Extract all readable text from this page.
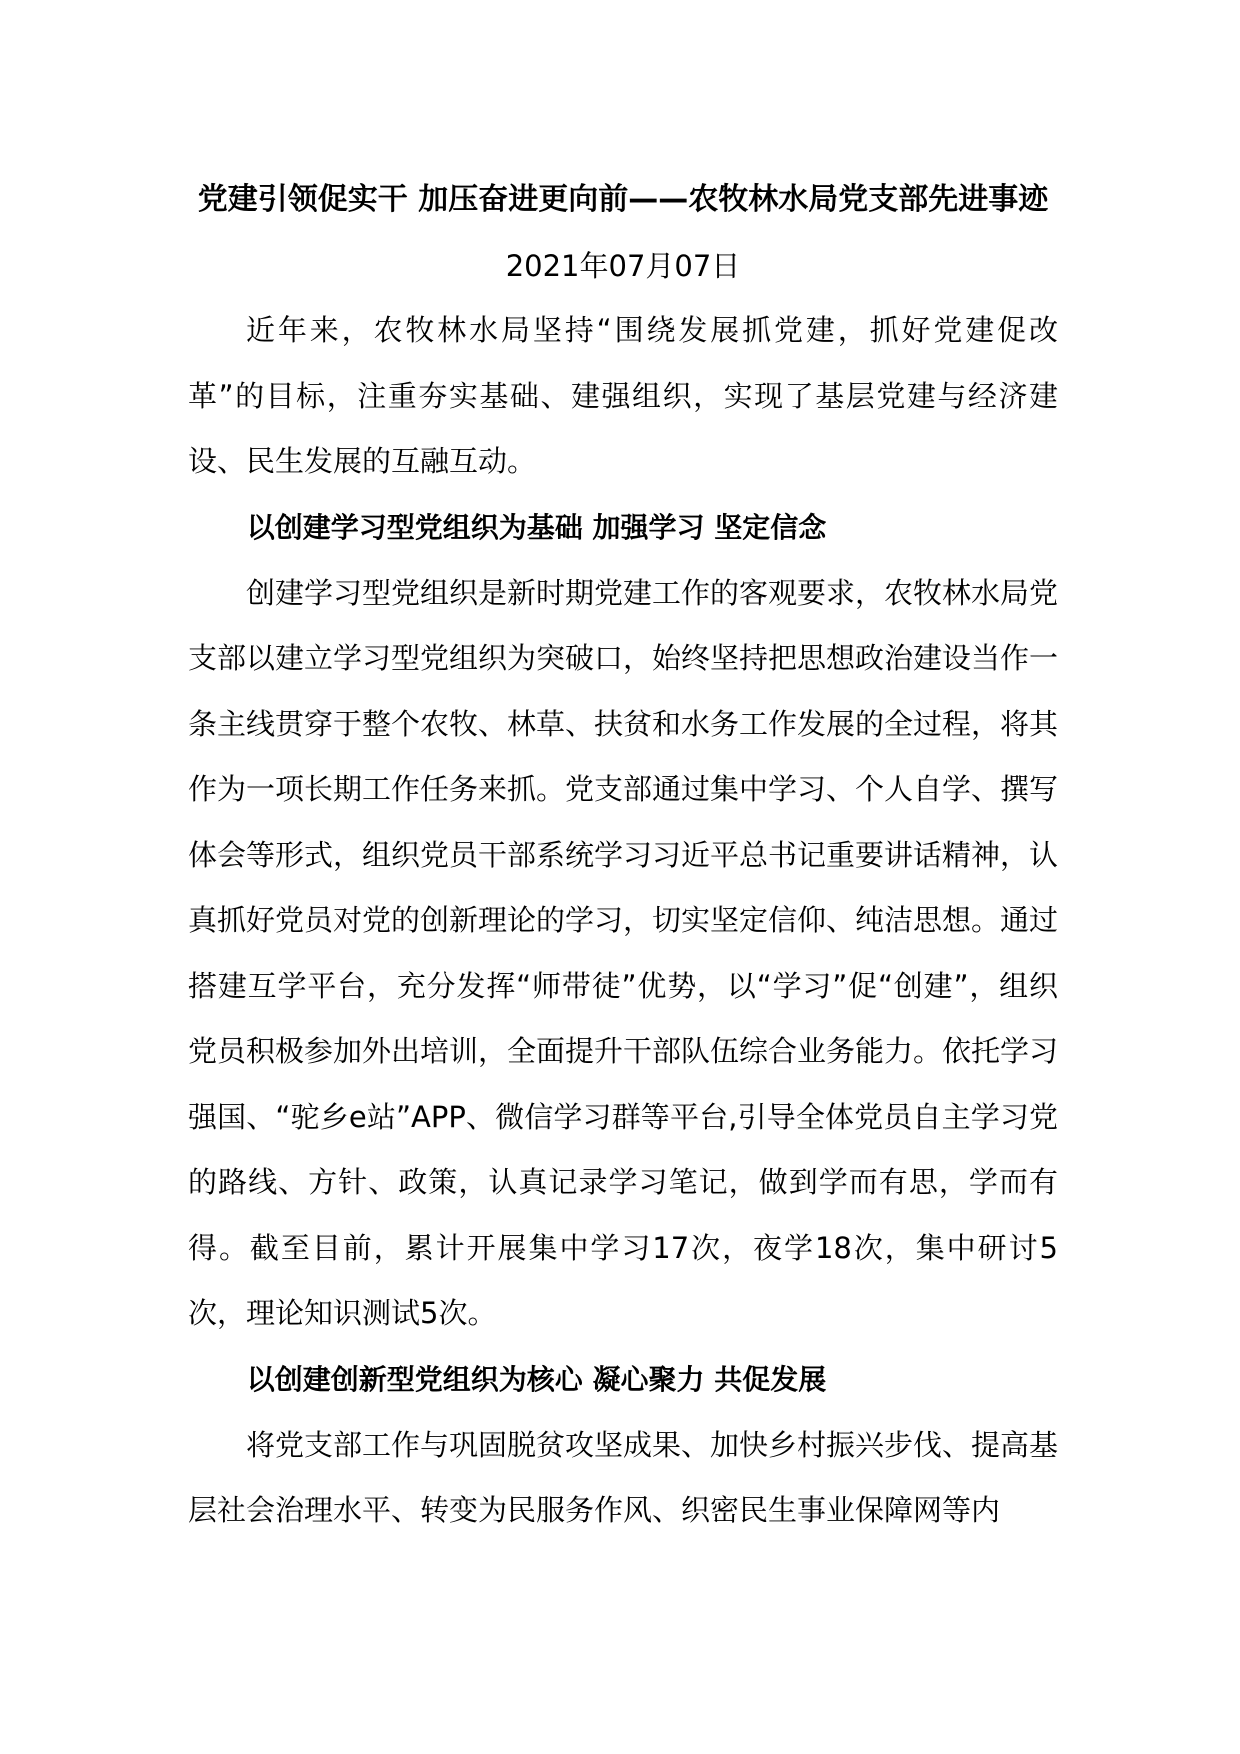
党建引领促实干 加压奋进更向前——农牧林水局党支部先进事迹

2021年07月07日

近年来，农牧林水局坚持“围绕发展抓党建，抓好党建促改革”的目标，注重夯实基础、建强组织，实现了基层党建与经济建设、民生发展的互融互动。

以创建学习型党组织为基础 加强学习 坚定信念

创建学习型党组织是新时期党建工作的客观要求，农牧林水局党支部以建立学习型党组织为突破口，始终坚持把思想政治建设当作一条主线贯穿于整个农牧、林草、扶贫和水务工作发展的全过程，将其作为一项长期工作任务来抓。党支部通过集中学习、个人自学、撰写体会等形式，组织党员干部系统学习习近平总书记重要讲话精神，认真抓好党员对党的创新理论的学习，切实坚定信仰、纯洁思想。通过搭建互学平台，充分发挥“师带徒”优势，以“学习”促“创建”，组织党员积极参加外出培训，全面提升干部队伍综合业务能力。依托学习强国、“驼乡e站”APP、微信学习群等平台,引导全体党员自主学习党的路线、方针、政策，认真记录学习笔记，做到学而有思，学而有得。截至目前，累计开展集中学习17次，夜学18次，集中研讨5次，理论知识测试5次。

以创建创新型党组织为核心 凝心聚力 共促发展

将党支部工作与巩固脱贫攻坚成果、加快乡村振兴步伐、提高基层社会治理水平、转变为民服务作风、织密民生事业保障网等内
